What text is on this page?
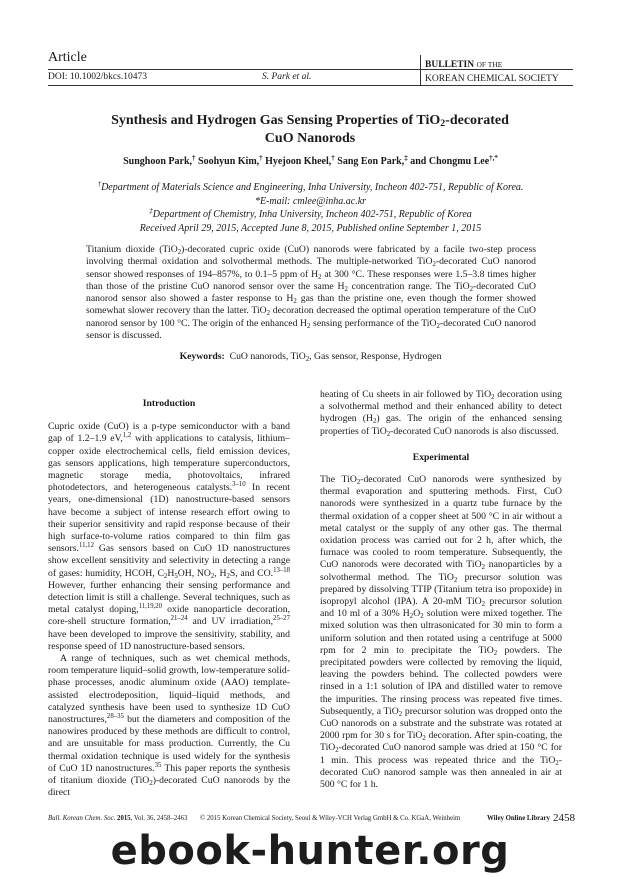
Article
DOI: 10.1002/bkcs.10473	S. Park et al.
BULLETIN OF THE
KOREAN CHEMICAL SOCIETY
Synthesis and Hydrogen Gas Sensing Properties of TiO$_2$-decorated
CuO Nanorods
Sunghoon Park,† Soohyun Kim,† Hyejoon Kheel,† Sang Eon Park,‡ and Chongmu Lee†,*
†Department of Materials Science and Engineering, Inha University, Incheon 402-751, Republic of Korea.
*E-mail: cmlee@inha.ac.kr
‡Department of Chemistry, Inha University, Incheon 402-751, Republic of Korea
Received April 29, 2015, Accepted June 8, 2015, Published online September 1, 2015
Titanium dioxide (TiO$_2$)-decorated cupric oxide (CuO) nanorods were fabricated by a facile two-step process involving thermal oxidation and solvothermal methods. The multiple-networked TiO$_2$-decorated CuO nanorod sensor showed responses of 194–857%, to 0.1–5 ppm of $H_2$ at 300 °C. These responses were 1.5–3.8 times higher than those of the pristine CuO nanorod sensor over the same $H_2$ concentration range. The TiO$_2$-decorated CuO nanorod sensor also showed a faster response to $H_2$ gas than the pristine one, even though the former showed somewhat slower recovery than the latter. TiO$_2$ decoration decreased the optimal operation temperature of the CuO nanorod sensor by 100 °C. The origin of the enhanced $H_2$ sensing performance of the TiO$_2$-decorated CuO nanorod sensor is discussed.
Keywords: CuO nanorods, TiO$_2$, Gas sensor, Response, Hydrogen
Introduction

Cupric oxide (CuO) is a p-type semiconductor with a band gap of 1.2–1.9 eV,$^{1,2}$ with applications to catalysis, lithium–copper oxide electrochemical cells, field emission devices, gas sensors applications, high temperature superconductors, magnetic storage media, photovoltaics, infrared photodetectors, and heterogeneous catalysts.$^{3-10}$ In recent years, one-dimensional (1D) nanostructure-based sensors have become a subject of intense research effort owing to their superior sensitivity and rapid response because of their high surface-to-volume ratios compared to thin film gas sensors.$^{11,12}$ Gas sensors based on CuO 1D nanostructures show excellent sensitivity and selectivity in detecting a range of gases: humidity, HCOH, $C_2H_5OH$, $NO_2$, $H_2S$, and CO.$^{13-18}$ However, further enhancing their sensing performance and detection limit is still a challenge. Several techniques, such as metal catalyst doping,$^{11,19,20}$ oxide nanoparticle decoration, core-shell structure formation,$^{21-24}$ and UV irradiation,$^{25-27}$ have been developed to improve the sensitivity, stability, and response speed of 1D nanostructure-based sensors.

A range of techniques, such as wet chemical methods, room temperature liquid–solid growth, low-temperature solid-phase processes, anodic aluminum oxide (AAO) template-assisted electrodeposition, liquid–liquid methods, and catalyzed synthesis have been used to synthesize 1D CuO nanostructures,$^{28-35}$ but the diameters and composition of the nanowires produced by these methods are difficult to control, and are unsuitable for mass production. Currently, the Cu thermal oxidation technique is used widely for the synthesis of CuO 1D nanostructures.$^{35}$ This paper reports the synthesis of titanium dioxide (TiO$_2$)-decorated CuO nanorods by the direct

heating of Cu sheets in air followed by TiO$_2$ decoration using a solvothermal method and their enhanced ability to detect hydrogen $(H_2)$ gas. The origin of the enhanced sensing properties of TiO$_2$-decorated CuO nanorods is also discussed.

Experimental

The TiO$_2$-decorated CuO nanorods were synthesized by thermal evaporation and sputtering methods. First, CuO nanorods were synthesized in a quartz tube furnace by the thermal oxidation of a copper sheet at 500 °C in air without a metal catalyst or the supply of any other gas. The thermal oxidation process was carried out for 2 h, after which, the furnace was cooled to room temperature. Subsequently, the CuO nanorods were decorated with TiO$_2$ nanoparticles by a solvothermal method. The TiO$_2$ precursor solution was prepared by dissolving TTIP (Titanium tetra iso propoxide) in isopropyl alcohol (IPA). A 20-mM TiO$_2$ precursor solution and 10 ml of a 30% $H_2O_2$ solution were mixed together. The mixed solution was then ultrasonicated for 30 min to form a uniform solution and then rotated using a centrifuge at 5000 rpm for 2 min to precipitate the TiO$_2$ powders. The precipitated powders were collected by removing the liquid, leaving the powders behind. The collected powders were rinsed in a 1:1 solution of IPA and distilled water to remove the impurities. The rinsing process was repeated five times. Subsequently, a TiO$_2$ precursor solution was dropped onto the CuO nanorods on a substrate and the substrate was rotated at 2000 rpm for 30 s for TiO$_2$ decoration. After spin-coating, the TiO$_2$-decorated CuO nanorod sample was dried at 150 °C for 1 min. This process was repeated thrice and the TiO$_2$-decorated CuO nanorod sample was then annealed in air at 500 °C for 1 h.

Bull. Korean Chem. Soc. 2015, Vol. 36, 2458–2463 © 2015 Korean Chemical Society, Seoul & Wiley-VCH Verlag GmbH & Co. KGaA, Weinheim	Wiley Online Library 2458
ebook-hunter.org
